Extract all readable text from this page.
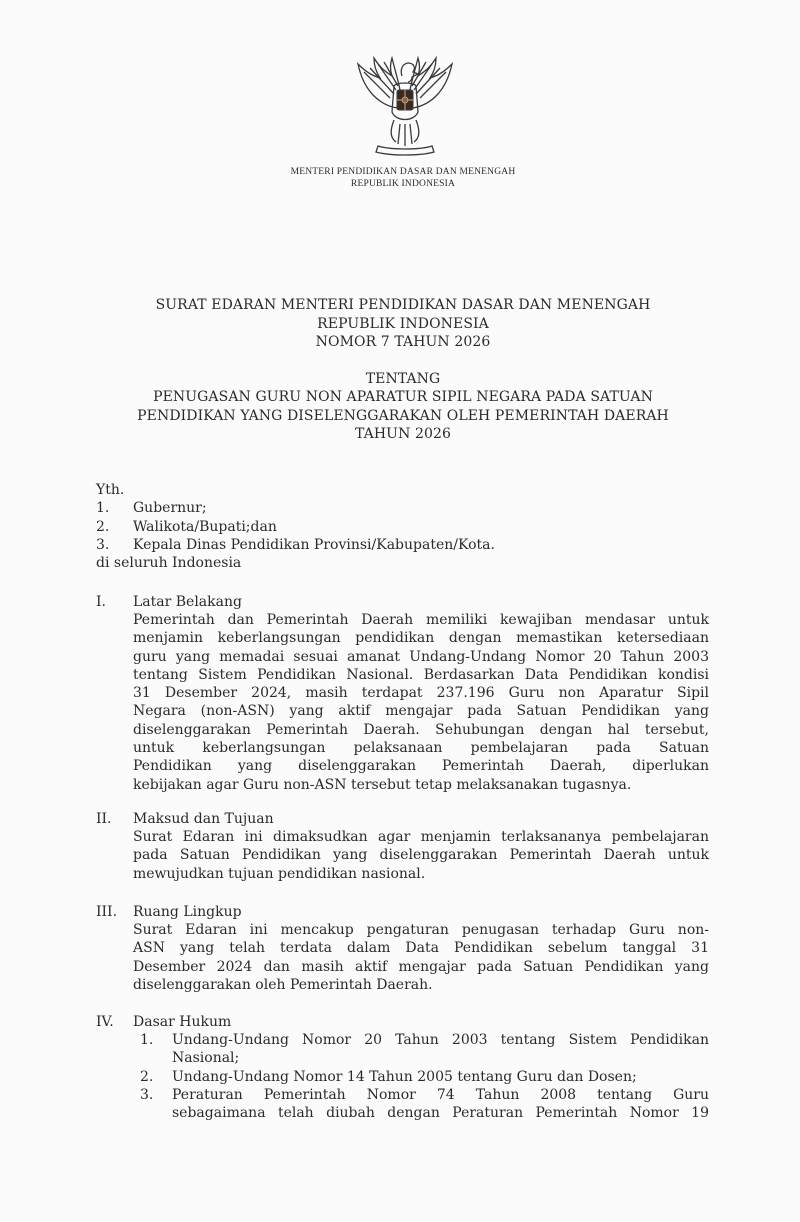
MENTERI PENDIDIKAN DASAR DAN MENENGAH
REPUBLIK INDONESIA
SURAT EDARAN MENTERI PENDIDIKAN DASAR DAN MENENGAH
REPUBLIK INDONESIA
NOMOR 7 TAHUN 2026
TENTANG
PENUGASAN GURU NON APARATUR SIPIL NEGARA PADA SATUAN
PENDIDIKAN YANG DISELENGGARAKAN OLEH PEMERINTAH DAERAH
TAHUN 2026
Yth.
1. Gubernur;
2. Walikota/Bupati;dan
3. Kepala Dinas Pendidikan Provinsi/Kabupaten/Kota.
di seluruh Indonesia
I. Latar Belakang
Pemerintah dan Pemerintah Daerah memiliki kewajiban mendasar untuk
menjamin keberlangsungan pendidikan dengan memastikan ketersediaan
guru yang memadai sesuai amanat Undang-Undang Nomor 20 Tahun 2003
tentang Sistem Pendidikan Nasional. Berdasarkan Data Pendidikan kondisi
31 Desember 2024, masih terdapat 237.196 Guru non Aparatur Sipil
Negara (non-ASN) yang aktif mengajar pada Satuan Pendidikan yang
diselenggarakan Pemerintah Daerah. Sehubungan dengan hal tersebut,
untuk keberlangsungan pelaksanaan pembelajaran pada Satuan
Pendidikan yang diselenggarakan Pemerintah Daerah, diperlukan
kebijakan agar Guru non-ASN tersebut tetap melaksanakan tugasnya.
II. Maksud dan Tujuan
Surat Edaran ini dimaksudkan agar menjamin terlaksananya pembelajaran
pada Satuan Pendidikan yang diselenggarakan Pemerintah Daerah untuk
mewujudkan tujuan pendidikan nasional.
III. Ruang Lingkup
Surat Edaran ini mencakup pengaturan penugasan terhadap Guru non-
ASN yang telah terdata dalam Data Pendidikan sebelum tanggal 31
Desember 2024 dan masih aktif mengajar pada Satuan Pendidikan yang
diselenggarakan oleh Pemerintah Daerah.
IV. Dasar Hukum
1. Undang-Undang Nomor 20 Tahun 2003 tentang Sistem Pendidikan
Nasional;
2. Undang-Undang Nomor 14 Tahun 2005 tentang Guru dan Dosen;
3. Peraturan Pemerintah Nomor 74 Tahun 2008 tentang Guru
sebagaimana telah diubah dengan Peraturan Pemerintah Nomor 19
